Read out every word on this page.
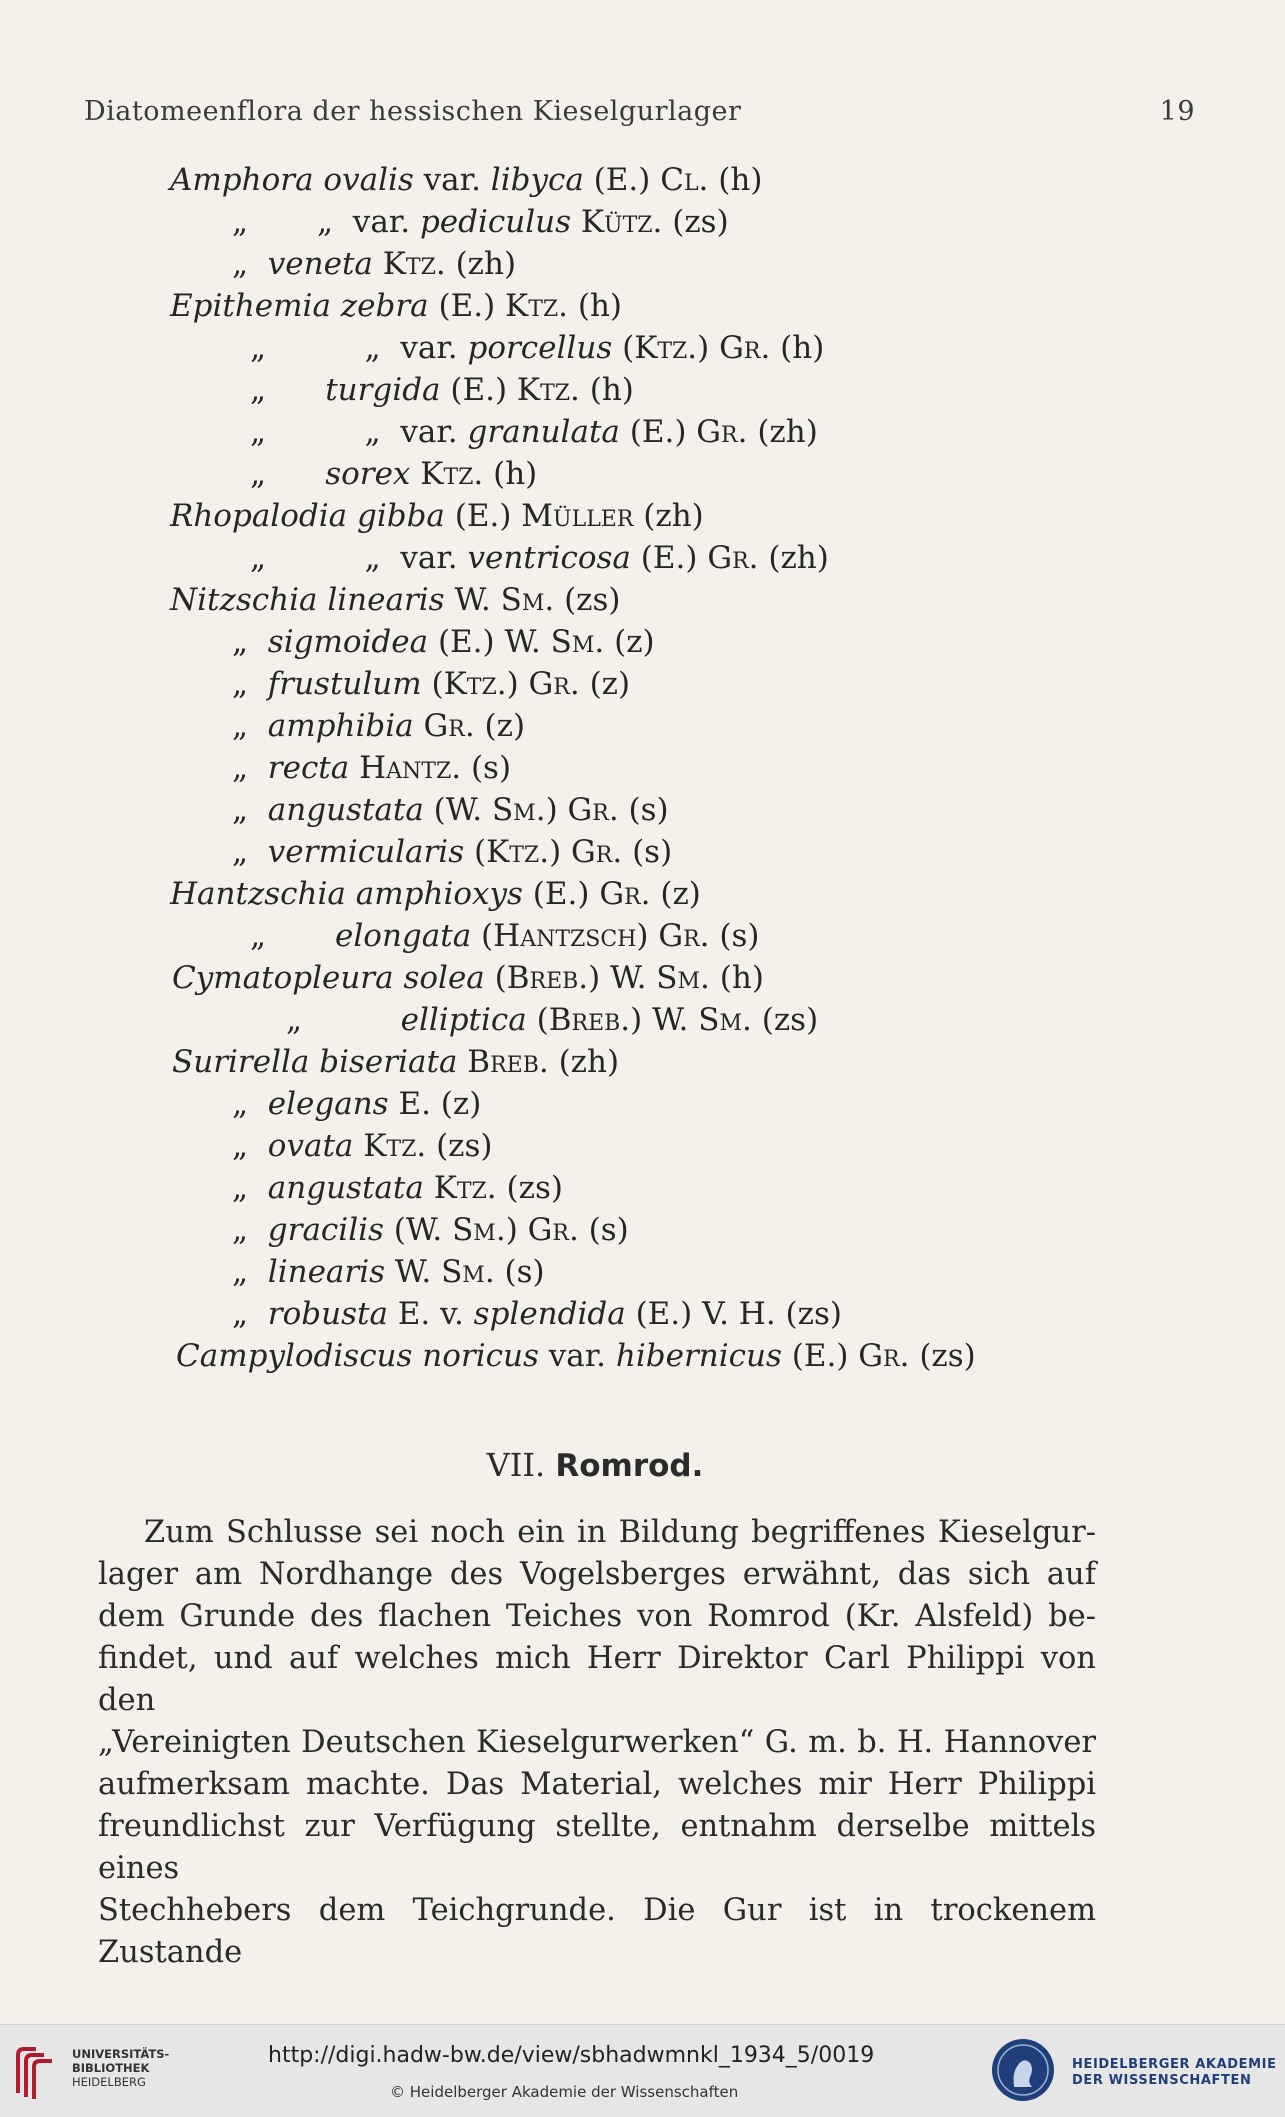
Diatomeenflora der hessischen Kieselgurlager	19
Amphora ovalis var. libyca (E.) Cl. (h)
„       „  var. pediculus Kütz. (zs)
„  veneta Ktz. (zh)
Epithemia zebra (E.) Ktz. (h)
„          „  var. porcellus (Ktz.) Gr. (h)
„      turgida (E.) Ktz. (h)
„          „  var. granulata (E.) Gr. (zh)
„      sorex Ktz. (h)
Rhopalodia gibba (E.) Müller (zh)
„          „  var. ventricosa (E.) Gr. (zh)
Nitzschia linearis W. Sm. (zs)
„  sigmoidea (E.) W. Sm. (z)
„  frustulum (Ktz.) Gr. (z)
„  amphibia Gr. (z)
„  recta Hantz. (s)
„  angustata (W. Sm.) Gr. (s)
„  vermicularis (Ktz.) Gr. (s)
Hantzschia amphioxys (E.) Gr. (z)
„       elongata (Hantzsch) Gr. (s)
Cymatopleura solea (Breb.) W. Sm. (h)
„          elliptica (Breb.) W. Sm. (zs)
Surirella biseriata Breb. (zh)
„  elegans E. (z)
„  ovata Ktz. (zs)
„  angustata Ktz. (zs)
„  gracilis (W. Sm.) Gr. (s)
„  linearis W. Sm. (s)
„  robusta E. v. splendida (E.) V. H. (zs)
Campylodiscus noricus var. hibernicus (E.) Gr. (zs)
VII. Romrod.
Zum Schlusse sei noch ein in Bildung begriffenes Kieselgur-
lager am Nordhange des Vogelsberges erwähnt, das sich auf
dem Grunde des flachen Teiches von Romrod (Kr. Alsfeld) be-
findet, und auf welches mich Herr Direktor Carl Philippi von den
„Vereinigten Deutschen Kieselgurwerken“ G. m. b. H. Hannover
aufmerksam machte. Das Material, welches mir Herr Philippi
freundlichst zur Verfügung stellte, entnahm derselbe mittels eines
Stechhebers dem Teichgrunde. Die Gur ist in trockenem Zustande
UNIVERSITÄTS-
BIBLIOTHEK
HEIDELBERG
http://digi.hadw-bw.de/view/sbhadwmnkl_1934_5/0019
© Heidelberger Akademie der Wissenschaften
HEIDELBERGER AKADEMIE
DER WISSENSCHAFTEN
